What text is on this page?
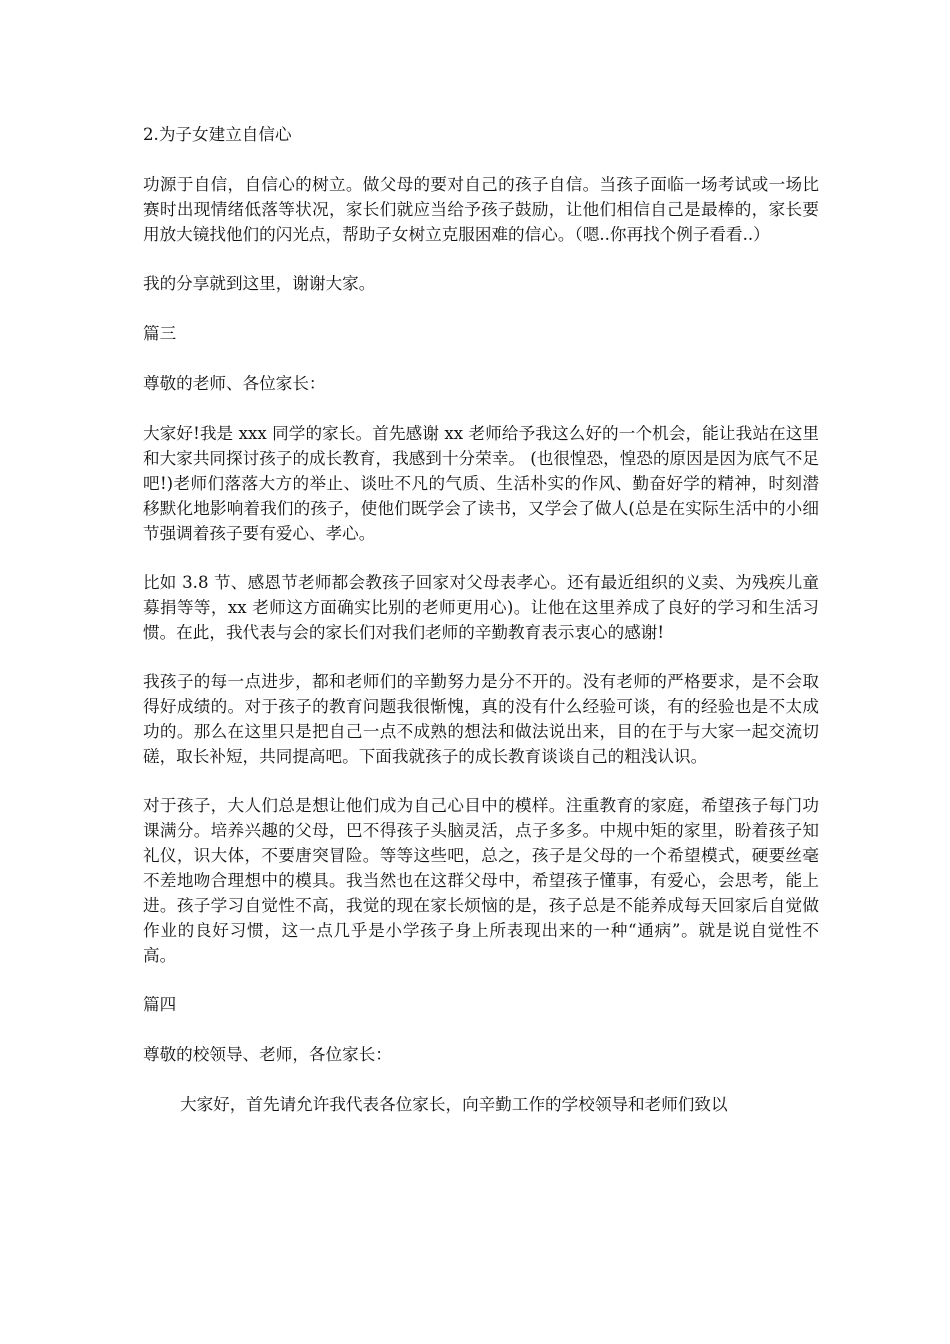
2.为子女建立自信心

功源于自信，自信心的树立。做父母的要对自己的孩子自信。当孩子面临一场考试或一场比赛时出现情绪低落等状况，家长们就应当给予孩子鼓励，让他们相信自己是最棒的，家长要用放大镜找他们的闪光点，帮助子女树立克服困难的信心。（嗯..你再找个例子看看..）

我的分享就到这里，谢谢大家。

篇三

尊敬的老师、各位家长：

大家好!我是 xxx 同学的家长。首先感谢 xx 老师给予我这么好的一个机会，能让我站在这里和大家共同探讨孩子的成长教育，我感到十分荣幸。 (也很惶恐，惶恐的原因是因为底气不足吧!)老师们落落大方的举止、谈吐不凡的气质、生活朴实的作风、勤奋好学的精神，时刻潜移默化地影响着我们的孩子，使他们既学会了读书，又学会了做人(总是在实际生活中的小细节强调着孩子要有爱心、孝心。

比如 3.8 节、感恩节老师都会教孩子回家对父母表孝心。还有最近组织的义卖、为残疾儿童募捐等等，xx 老师这方面确实比别的老师更用心)。让他在这里养成了良好的学习和生活习惯。在此，我代表与会的家长们对我们老师的辛勤教育表示衷心的感谢!

我孩子的每一点进步，都和老师们的辛勤努力是分不开的。没有老师的严格要求，是不会取得好成绩的。对于孩子的教育问题我很惭愧，真的没有什么经验可谈，有的经验也是不太成功的。那么在这里只是把自己一点不成熟的想法和做法说出来，目的在于与大家一起交流切磋，取长补短，共同提高吧。下面我就孩子的成长教育谈谈自己的粗浅认识。

对于孩子，大人们总是想让他们成为自己心目中的模样。注重教育的家庭，希望孩子每门功课满分。培养兴趣的父母，巴不得孩子头脑灵活，点子多多。中规中矩的家里，盼着孩子知礼仪，识大体，不要唐突冒险。等等这些吧，总之，孩子是父母的一个希望模式，硬要丝毫不差地吻合理想中的模具。我当然也在这群父母中，希望孩子懂事，有爱心，会思考，能上进。孩子学习自觉性不高，我觉的现在家长烦恼的是，孩子总是不能养成每天回家后自觉做作业的良好习惯，这一点几乎是小学孩子身上所表现出来的一种“通病”。就是说自觉性不高。

篇四

尊敬的校领导、老师，各位家长：

大家好，首先请允许我代表各位家长，向辛勤工作的学校领导和老师们致以
